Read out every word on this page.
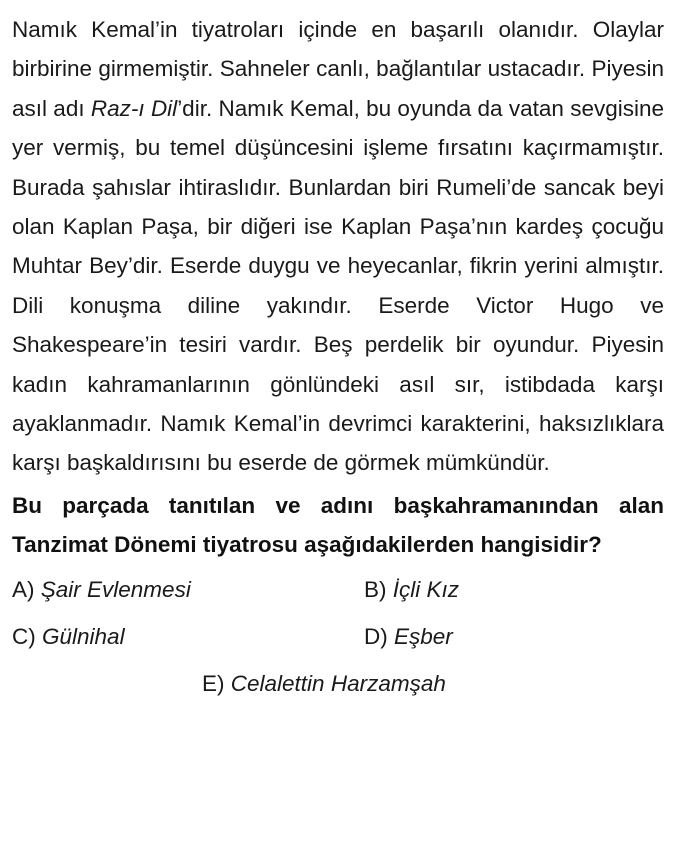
Namık Kemal’in tiyatroları içinde en başarılı olanıdır. Olaylar birbirine girmemiştir. Sahneler canlı, bağlantılar ustacadır. Piyesin asıl adı Raz-ı Dil’dir. Namık Kemal, bu oyunda da vatan sevgisine yer vermiş, bu temel düşüncesini işleme fırsatını kaçırmamıştır. Burada şahıslar ihtiraslıdır. Bunlardan biri Rumeli’de sancak beyi olan Kaplan Paşa, bir diğeri ise Kaplan Paşa’nın kardeş çocuğu Muhtar Bey’dir. Eserde duygu ve heyecanlar, fikrin yerini almıştır. Dili konuşma diline yakındır. Eserde Victor Hugo ve Shakespeare’in tesiri vardır. Beş perdelik bir oyundur. Piyesin kadın kahramanlarının gönlündeki asıl sır, istibdada karşı ayaklanmadır. Namık Kemal’in devrimci karakterini, haksızlıklara karşı başkaldırısını bu eserde de görmek mümkündür.

Bu parçada tanıtılan ve adını başkahramanından alan Tanzimat Dönemi tiyatrosu aşağıdakilerden hangisidir?

A) Şair Evlenmesi	B) İçli Kız
C) Gülnihal	D) Eşber
E) Celalettin Harzamşah
